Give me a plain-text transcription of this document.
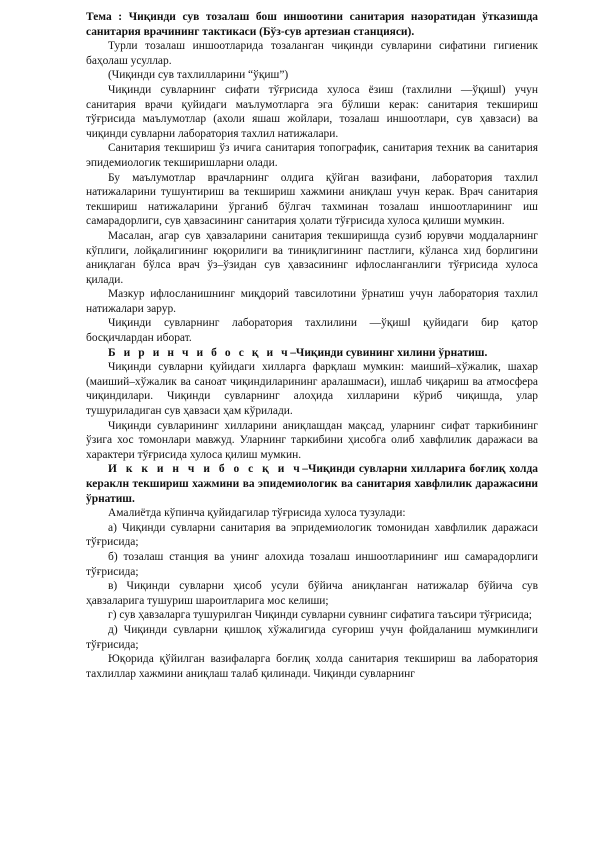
Тема : Чиқинди сув тозалаш бош иншоотини санитария назоратидан ўтказишда санитария врачининг тактикаси (Бўз-сув артезиан станцияси).

Турли тозалаш иншоотларида тозаланган чиқинди сувларини сифатини гигиеник баҳолаш усуллар.

(Чиқинди сув тахлилларини “ўқиш”)

Чиқинди сувларнинг сифати тўғрисида хулоса ёзиш (тахлилни ―ўқиш‖) учун санитария врачи қуйидаги маълумотларга эга бўлиши керак: санитария текшириш тўғрисида маълумотлар (ахоли яшаш жойлари, тозалаш иншоотлари, сув ҳавзаси) ва чиқинди сувларни лаборатория тахлил натижалари.

Санитария текшириш ўз ичига санитария топографик, санитария техник ва санитария эпидемиологик текширишларни олади.

Бу маълумотлар врачларнинг олдига қўйган вазифани, лаборатория тахлил натижаларини тушунтириш ва текшириш хажмини аниқлаш учун керак. Врач санитария текшириш натижаларини ўрганиб бўлгач тахминан тозалаш иншоотларининг иш самарадорлиги, сув ҳавзасининг санитария ҳолати тўғрисида хулоса қилиши мумкин.

Масалан, агар сув ҳавзаларини санитария текширишда сузиб юрувчи моддаларнинг кўплиги, лойқалигининг юқорилиги ва тиниқлигининг пастлиги, кўланса хид борлигини аниқлаган бўлса врач ўз–ўзидан сув ҳавзасининг ифлосланганлиги тўғрисида хулоса қилади.

Мазкур ифлосланишнинг миқдорий тавсилотини ўрнатиш учун лаборатория тахлил натижалари зарур.

Чиқинди сувларнинг лаборатория тахлилини ―ўқиш‖ қуйидаги бир қатор босқичлардан иборат.

Б и р и н ч и б о с қ и ч–Чиқинди сувининг хилини ўрнатиш.

Чиқинди сувларни қуйидаги хилларга фарқлаш мумкин: маиший–хўжалик, шахар (маиший–хўжалик ва саноат чиқиндиларининг аралашмаси), ишлаб чиқариш ва атмосфера чиқиндилари. Чиқинди сувларнинг алоҳида хилларини кўриб чиқишда, улар тушуриладиган сув ҳавзаси ҳам кўрилади.

Чиқинди сувларининг хилларини аниқлашдан мақсад, уларнинг сифат таркибининг ўзига хос томонлари мавжуд. Уларнинг таркибини ҳисобга олиб хавфлилик даражаси ва характери тўғрисида хулоса қилиш мумкин.

И к к и н ч и б о с қ и ч–Чиқинди сувларни хиллариға боғлиқ холда кераклн текшириш хажмини ва эпидемиологик ва санитария хавфлилик даражасини ўрнатиш.

Амалиётда кўпинча қуйидагилар тўғрисида хулоса тузулади:

а) Чиқинди сувларни санитария ва эпридемиологик томонидан хавфлилик даражаси тўғрисида;

б) тозалаш станция ва унинг алохида тозалаш иншоотларининг иш самарадорлиги тўғрисида;

в) Чиқинди сувларни ҳисоб усули бўйича аниқланган натижалар бўйича сув ҳавзаларига тушуриш шароитларига мос келиши;

г) сув ҳавзаларга тушурилган Чиқинди сувларни сувнинг сифатига таъсири тўғрисида;

д) Чиқинди сувларни қишлоқ хўжалигида суғориш учун фойдаланиш мумкинлиги тўғрисида;

Юқорида қўйилган вазифаларга боғлиқ холда санитария текшириш ва лаборатория тахлиллар хажмини аниқлаш талаб қилинади. Чиқинди сувларнинг
